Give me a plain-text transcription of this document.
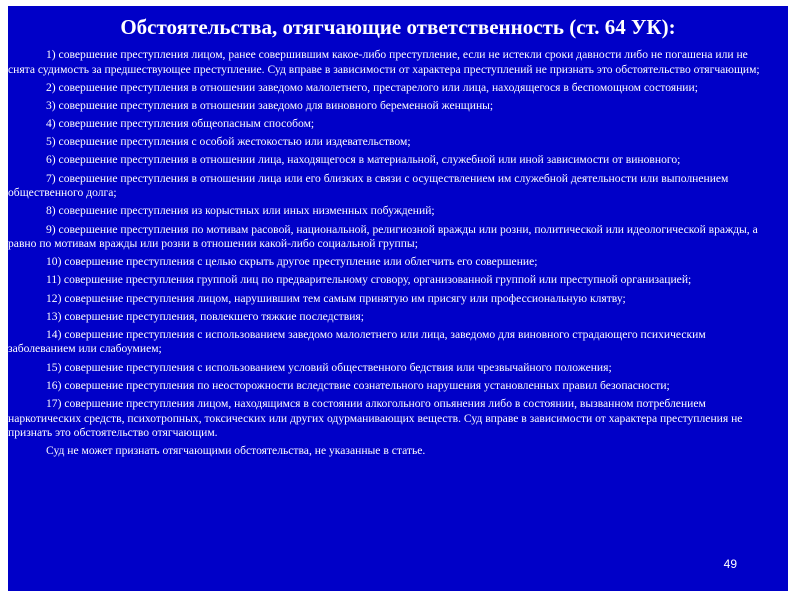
Обстоятельства, отягчающие ответственность (ст. 64 УК):

1) совершение преступления лицом, ранее совершившим какое-либо преступление, если не истекли сроки давности либо не погашена или не снята судимость за предшествующее преступление. Суд вправе в зависимости от характера преступлений не признать это обстоятельство отягчающим;

2) совершение преступления в отношении заведомо малолетнего, престарелого или лица, находящегося в беспомощном состоянии;

3) совершение преступления в отношении заведомо для виновного беременной женщины;

4) совершение преступления общеопасным способом;

5) совершение преступления с особой жестокостью или издевательством;

6) совершение преступления в отношении лица, находящегося в материальной, служебной или иной зависимости от виновного;

7) совершение преступления в отношении лица или его близких в связи с осуществлением им служебной деятельности или выполнением общественного долга;

8) совершение преступления из корыстных или иных низменных побуждений;

9) совершение преступления по мотивам расовой, национальной, религиозной вражды или розни, политической или идеологической вражды, а равно по мотивам вражды или розни в отношении какой-либо социальной группы;

10) совершение преступления с целью скрыть другое преступление или облегчить его совершение;

11) совершение преступления группой лиц по предварительному сговору, организованной группой или преступной организацией;

12) совершение преступления лицом, нарушившим тем самым принятую им присягу или профессиональную клятву;

13) совершение преступления, повлекшего тяжкие последствия;

14) совершение преступления с использованием заведомо малолетнего или лица, заведомо для виновного страдающего психическим заболеванием или слабоумием;

15) совершение преступления с использованием условий общественного бедствия или чрезвычайного положения;

16) совершение преступления по неосторожности вследствие сознательного нарушения установленных правил безопасности;

17) совершение преступления лицом, находящимся в состоянии алкогольного опьянения либо в состоянии, вызванном потреблением наркотических средств, психотропных, токсических или других одурманивающих веществ. Суд вправе в зависимости от характера преступления не признать это обстоятельство отягчающим.

Суд не может признать отягчающими обстоятельства, не указанные в статье.

49
